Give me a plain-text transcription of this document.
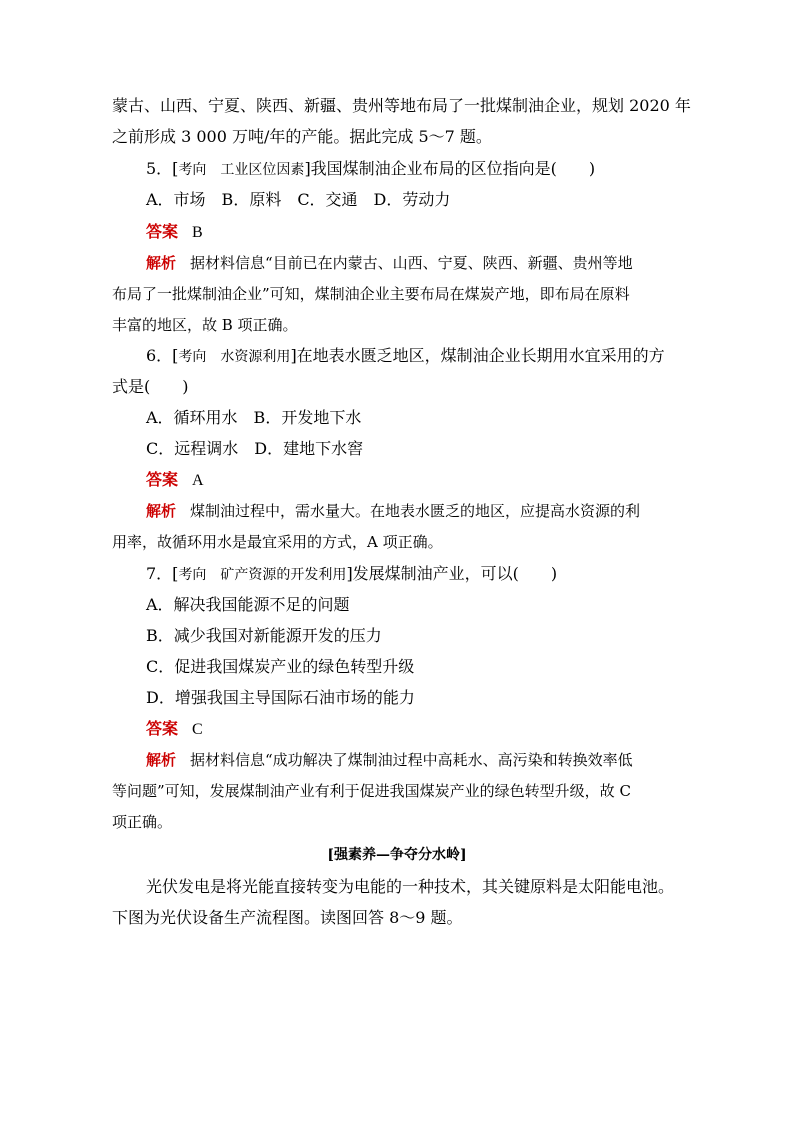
蒙古、山西、宁夏、陕西、新疆、贵州等地布局了一批煤制油企业，规划 2020 年
之前形成 3 000 万吨/年的产能。据此完成 5～7 题。
5．[考向　工业区位因素]我国煤制油企业布局的区位指向是(　　)
A．市场　B．原料　C．交通　D．劳动力
答案 B
解析 据材料信息“目前已在内蒙古、山西、宁夏、陕西、新疆、贵州等地
布局了一批煤制油企业”可知，煤制油企业主要布局在煤炭产地，即布局在原料
丰富的地区，故 B 项正确。
6．[考向　水资源利用]在地表水匮乏地区，煤制油企业长期用水宜采用的方
式是(　　)
A．循环用水　B．开发地下水
C．远程调水　D．建地下水窖
答案 A
解析 煤制油过程中，需水量大。在地表水匮乏的地区，应提高水资源的利
用率，故循环用水是最宜采用的方式，A 项正确。
7．[考向　矿产资源的开发利用]发展煤制油产业，可以(　　)
A．解决我国能源不足的问题
B．减少我国对新能源开发的压力
C．促进我国煤炭产业的绿色转型升级
D．增强我国主导国际石油市场的能力
答案 C
解析 据材料信息“成功解决了煤制油过程中高耗水、高污染和转换效率低
等问题”可知，发展煤制油产业有利于促进我国煤炭产业的绿色转型升级，故 C
项正确。
[强素养—争夺分水岭]
光伏发电是将光能直接转变为电能的一种技术，其关键原料是太阳能电池。
下图为光伏设备生产流程图。读图回答 8～9 题。
